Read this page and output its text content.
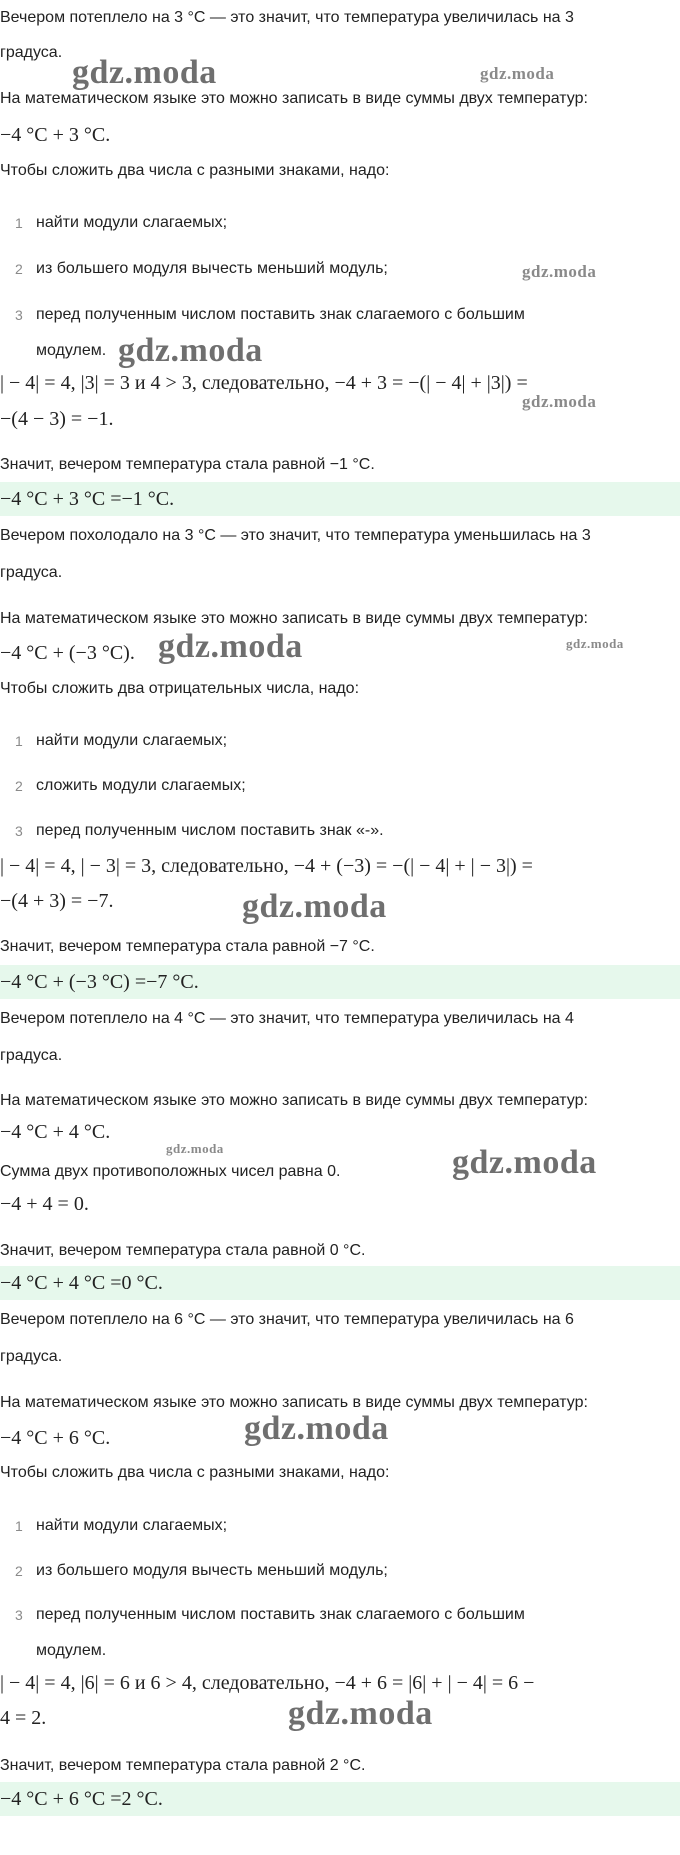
Вечером потеплело на 3 °C — это значит, что температура увеличилась на 3
градуса.
На математическом языке это можно записать в виде суммы двух температур:
−4 °C + 3 °C.
Чтобы сложить два числа с разными знаками, надо:
1 найти модули слагаемых;
2 из большего модуля вычесть меньший модуль;
3 перед полученным числом поставить знак слагаемого с большим
модулем.
| − 4| = 4, |3| = 3 и 4 > 3, следовательно, −4 + 3 = −(| − 4| + |3|) =
−(4 − 3) = −1.
Значит, вечером температура стала равной −1 °C.
−4 °C + 3 °C =−1 °C.
Вечером похолодало на 3 °C — это значит, что температура уменьшилась на 3
градуса.
На математическом языке это можно записать в виде суммы двух температур:
−4 °C + (−3 °C).
Чтобы сложить два отрицательных числа, надо:
1 найти модули слагаемых;
2 сложить модули слагаемых;
3 перед полученным числом поставить знак «-».
| − 4| = 4, | − 3| = 3, следовательно, −4 + (−3) = −(| − 4| + | − 3|) =
−(4 + 3) = −7.
Значит, вечером температура стала равной −7 °C.
−4 °C + (−3 °C) =−7 °C.
Вечером потеплело на 4 °C — это значит, что температура увеличилась на 4
градуса.
На математическом языке это можно записать в виде суммы двух температур:
−4 °C + 4 °C.
Сумма двух противоположных чисел равна 0.
−4 + 4 = 0.
Значит, вечером температура стала равной 0 °C.
−4 °C + 4 °C =0 °C.
Вечером потеплело на 6 °C — это значит, что температура увеличилась на 6
градуса.
На математическом языке это можно записать в виде суммы двух температур:
−4 °C + 6 °C.
Чтобы сложить два числа с разными знаками, надо:
1 найти модули слагаемых;
2 из большего модуля вычесть меньший модуль;
3 перед полученным числом поставить знак слагаемого с большим
модулем.
| − 4| = 4, |6| = 6 и 6 > 4, следовательно, −4 + 6 = |6| + | − 4| = 6 −
4 = 2.
Значит, вечером температура стала равной 2 °C.
−4 °C + 6 °C =2 °C.
gdz.moda	gdz.moda
gdz.moda
gdz.moda
gdz.moda
gdz.moda	gdz.moda
gdz.moda
gdz.moda	gdz.moda
gdz.moda
gdz.moda
